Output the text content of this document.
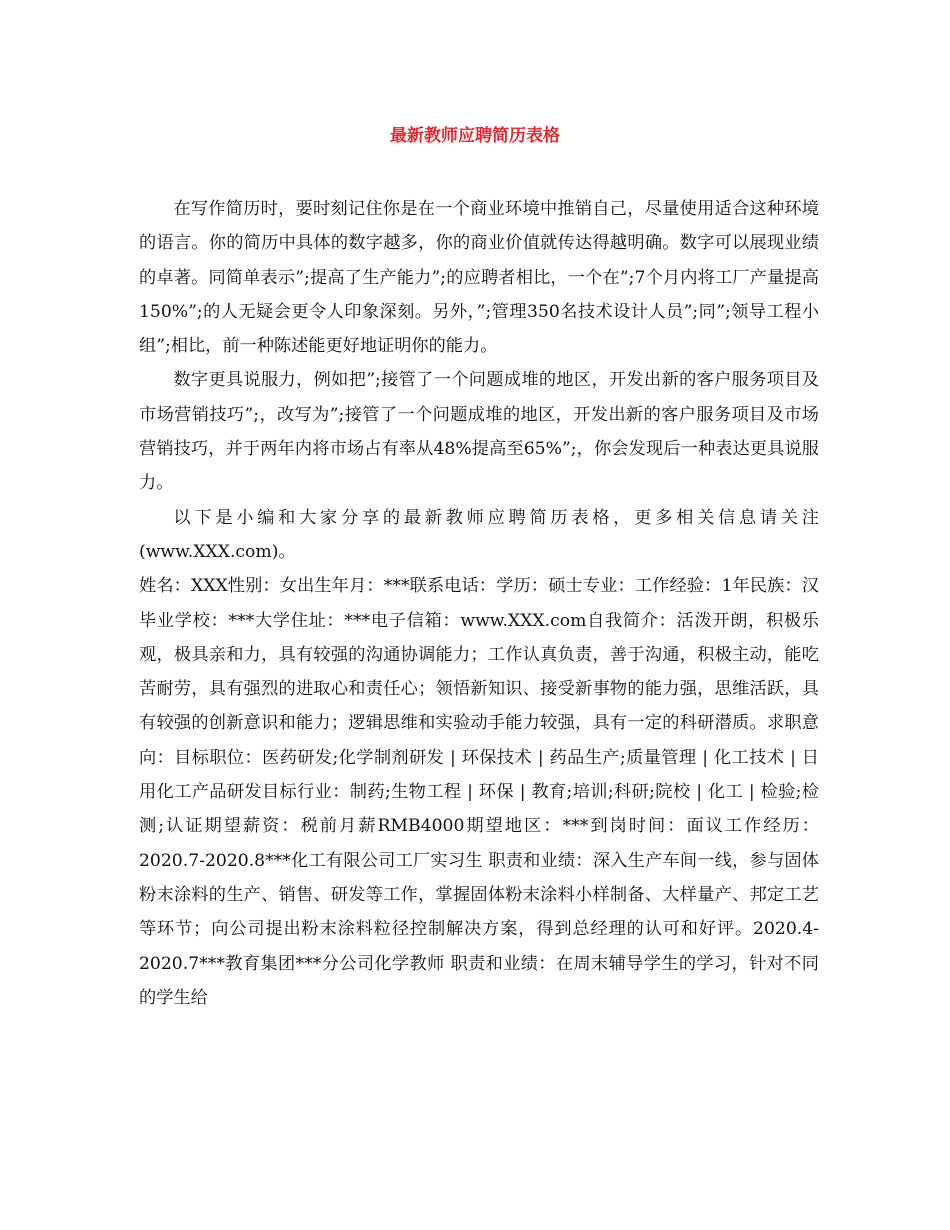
最新教师应聘简历表格

在写作简历时，要时刻记住你是在一个商业环境中推销自己，尽量使用适合这种环境的语言。你的简历中具体的数字越多，你的商业价值就传达得越明确。数字可以展现业绩的卓著。同简单表示”;提高了生产能力”;的应聘者相比，一个在”;7个月内将工厂产量提高150%”;的人无疑会更令人印象深刻。另外，”;管理350名技术设计人员”;同”;领导工程小组”;相比，前一种陈述能更好地证明你的能力。

数字更具说服力，例如把”;接管了一个问题成堆的地区，开发出新的客户服务项目及市场营销技巧”;，改写为”;接管了一个问题成堆的地区，开发出新的客户服务项目及市场营销技巧，并于两年内将市场占有率从48%提高至65%”;，你会发现后一种表达更具说服力。

以下是小编和大家分享的最新教师应聘简历表格，更多相关信息请关注(www.XXX.com)。

姓名：XXX性别：女出生年月：***联系电话：学历：硕士专业：工作经验：1年民族：汉毕业学校：***大学住址：***电子信箱：www.XXX.com自我简介：活泼开朗，积极乐观，极具亲和力，具有较强的沟通协调能力；工作认真负责，善于沟通，积极主动，能吃苦耐劳，具有强烈的进取心和责任心；领悟新知识、接受新事物的能力强，思维活跃，具有较强的创新意识和能力；逻辑思维和实验动手能力较强，具有一定的科研潜质。求职意向：目标职位：医药研发;化学制剂研发 | 环保技术 | 药品生产;质量管理 | 化工技术 | 日用化工产品研发目标行业：制药;生物工程 | 环保 | 教育;培训;科研;院校 | 化工 | 检验;检测;认证期望薪资：税前月薪RMB4000期望地区：***到岗时间：面议工作经历：2020.7-2020.8***化工有限公司工厂实习生 职责和业绩：深入生产车间一线，参与固体粉末涂料的生产、销售、研发等工作，掌握固体粉末涂料小样制备、大样量产、邦定工艺等环节；向公司提出粉末涂料粒径控制解决方案，得到总经理的认可和好评。2020.4-2020.7***教育集团***分公司化学教师 职责和业绩：在周末辅导学生的学习，针对不同的学生给
